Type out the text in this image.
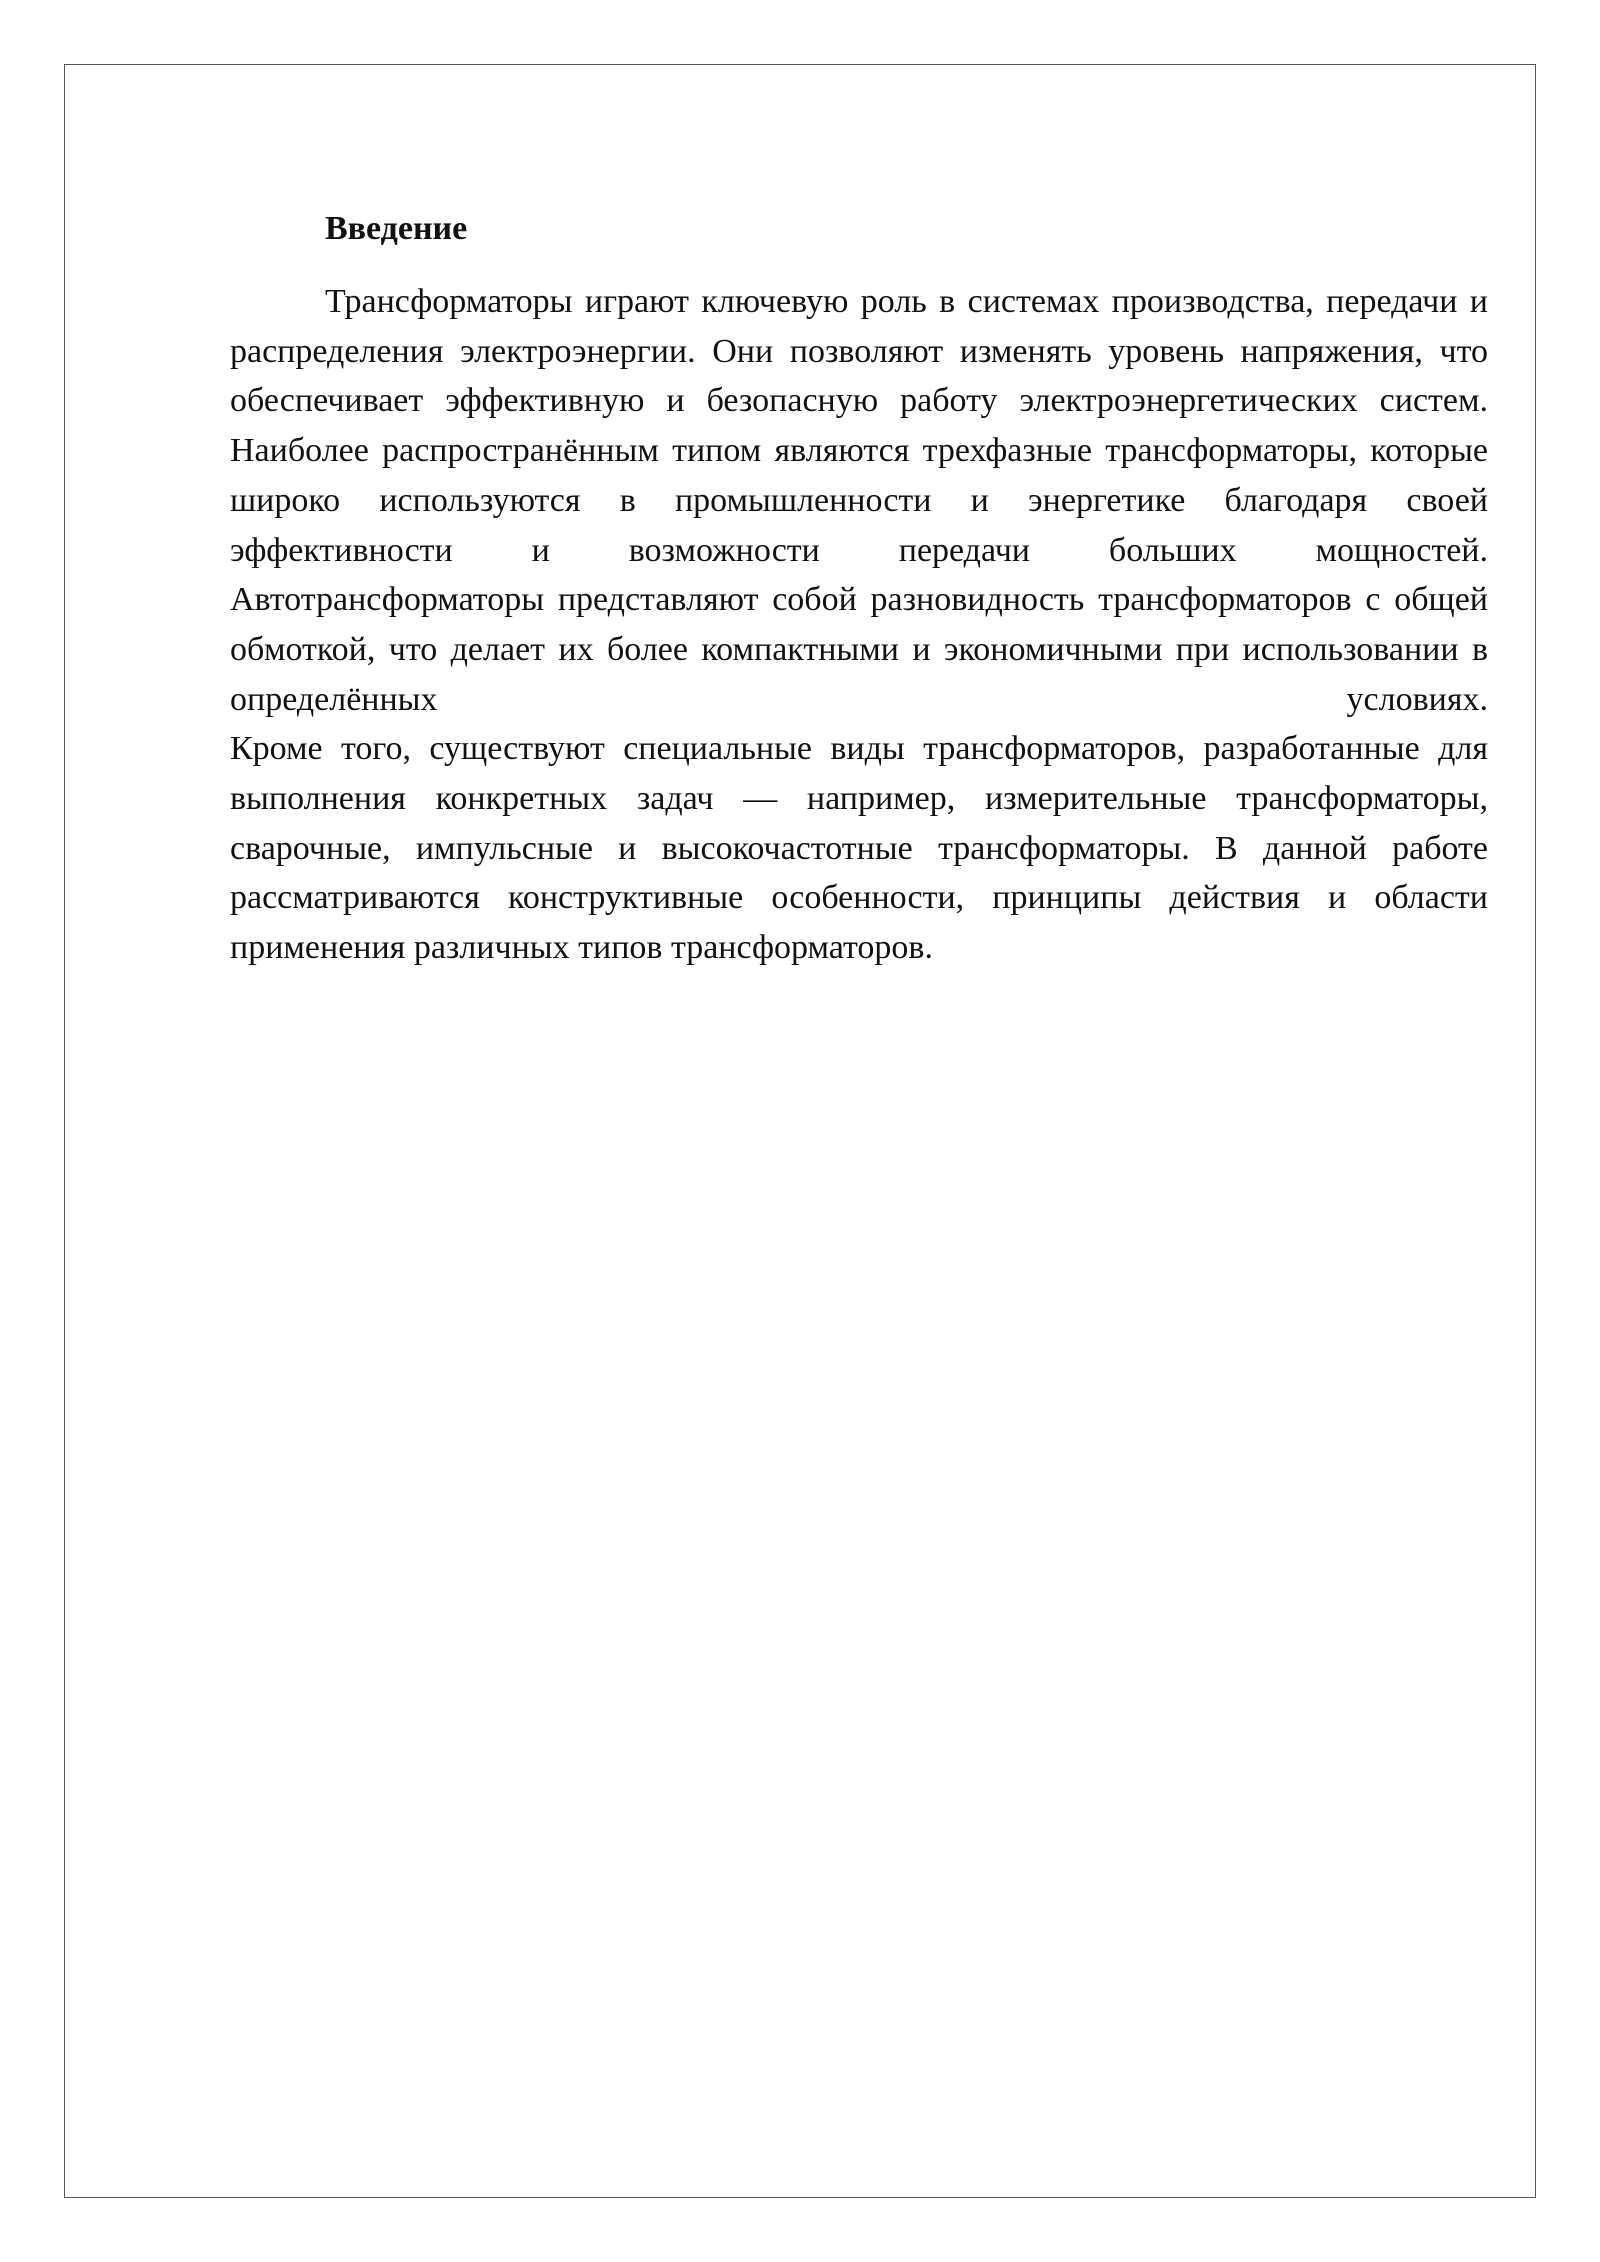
Введение
Трансформаторы играют ключевую роль в системах производства, передачи и распределения электроэнергии. Они позволяют изменять уровень напряжения, что обеспечивает эффективную и безопасную работу электроэнергетических систем. Наиболее распространённым типом являются трехфазные трансформаторы, которые широко используются в промышленности и энергетике благодаря своей эффективности и возможности передачи больших мощностей.
Автотрансформаторы представляют собой разновидность трансформаторов с общей обмоткой, что делает их более компактными и экономичными при использовании в определённых условиях.
Кроме того, существуют специальные виды трансформаторов, разработанные для выполнения конкретных задач — например, измерительные трансформаторы, сварочные, импульсные и высокочастотные трансформаторы. В данной работе рассматриваются конструктивные особенности, принципы действия и области применения различных типов трансформаторов.
